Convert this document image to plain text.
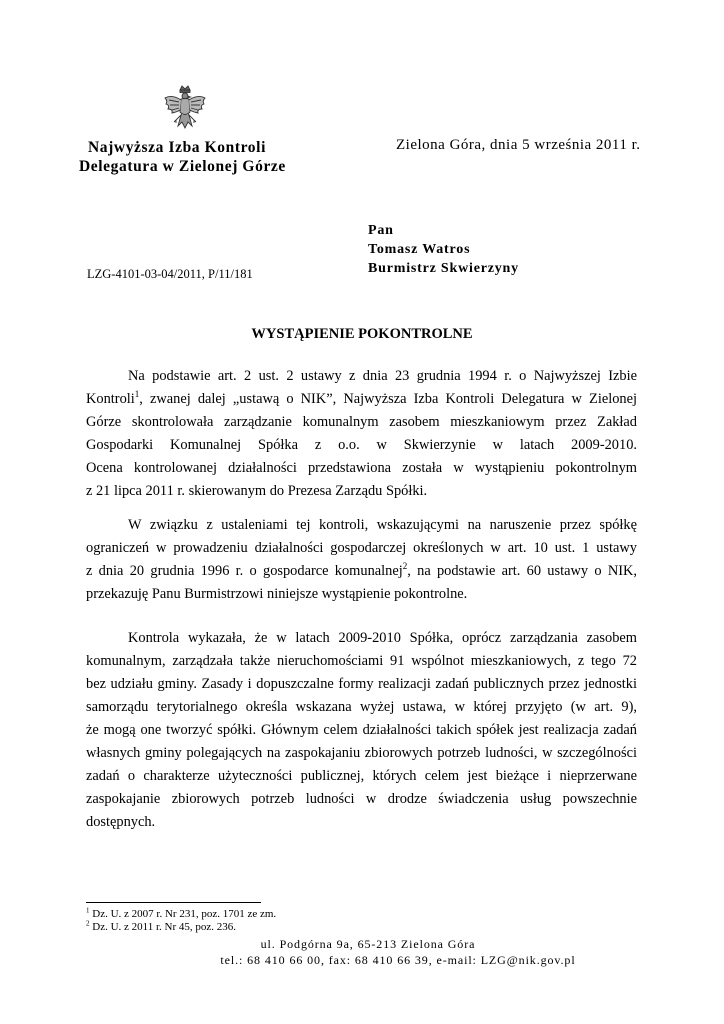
Najwyższa Izba Kontroli
Delegatura w Zielonej Górze
Zielona Góra, dnia 5 września 2011 r.
Pan
Tomasz Watros
Burmistrz Skwierzyny
LZG-4101-03-04/2011, P/11/181
WYSTĄPIENIE POKONTROLNE
Na podstawie art. 2 ust. 2 ustawy z dnia 23 grudnia 1994 r. o Najwyższej Izbie
Kontroli$^1$, zwanej dalej „ustawą o NIK”, Najwyższa Izba Kontroli Delegatura w Zielonej
Górze skontrolowała zarządzanie komunalnym zasobem mieszkaniowym przez Zakład
Gospodarki Komunalnej Spółka z o.o. w Skwierzynie w latach 2009-2010.
Ocena kontrolowanej działalności przedstawiona została w wystąpieniu pokontrolnym
z 21 lipca 2011 r. skierowanym do Prezesa Zarządu Spółki.
W związku z ustaleniami tej kontroli, wskazującymi na naruszenie przez spółkę
ograniczeń w prowadzeniu działalności gospodarczej określonych w art. 10 ust. 1 ustawy
z dnia 20 grudnia 1996 r. o gospodarce komunalnej$^2$, na podstawie art. 60 ustawy o NIK,
przekazuję Panu Burmistrzowi niniejsze wystąpienie pokontrolne.
Kontrola wykazała, że w latach 2009-2010 Spółka, oprócz zarządzania zasobem
komunalnym, zarządzała także nieruchomościami 91 wspólnot mieszkaniowych, z tego 72
bez udziału gminy. Zasady i dopuszczalne formy realizacji zadań publicznych przez jednostki
samorządu terytorialnego określa wskazana wyżej ustawa, w której przyjęto (w art. 9),
że mogą one tworzyć spółki. Głównym celem działalności takich spółek jest realizacja zadań
własnych gminy polegających na zaspokajaniu zbiorowych potrzeb ludności, w szczególności
zadań o charakterze użyteczności publicznej, których celem jest bieżące i nieprzerwane
zaspokajanie zbiorowych potrzeb ludności w drodze świadczenia usług powszechnie
dostępnych.
$^1$ Dz. U. z 2007 r. Nr 231, poz. 1701 ze zm.
$^2$ Dz. U. z 2011 r. Nr 45, poz. 236.
ul. Podgórna 9a, 65-213 Zielona Góra
tel.: 68 410 66 00, fax: 68 410 66 39, e-mail: LZG@nik.gov.pl
